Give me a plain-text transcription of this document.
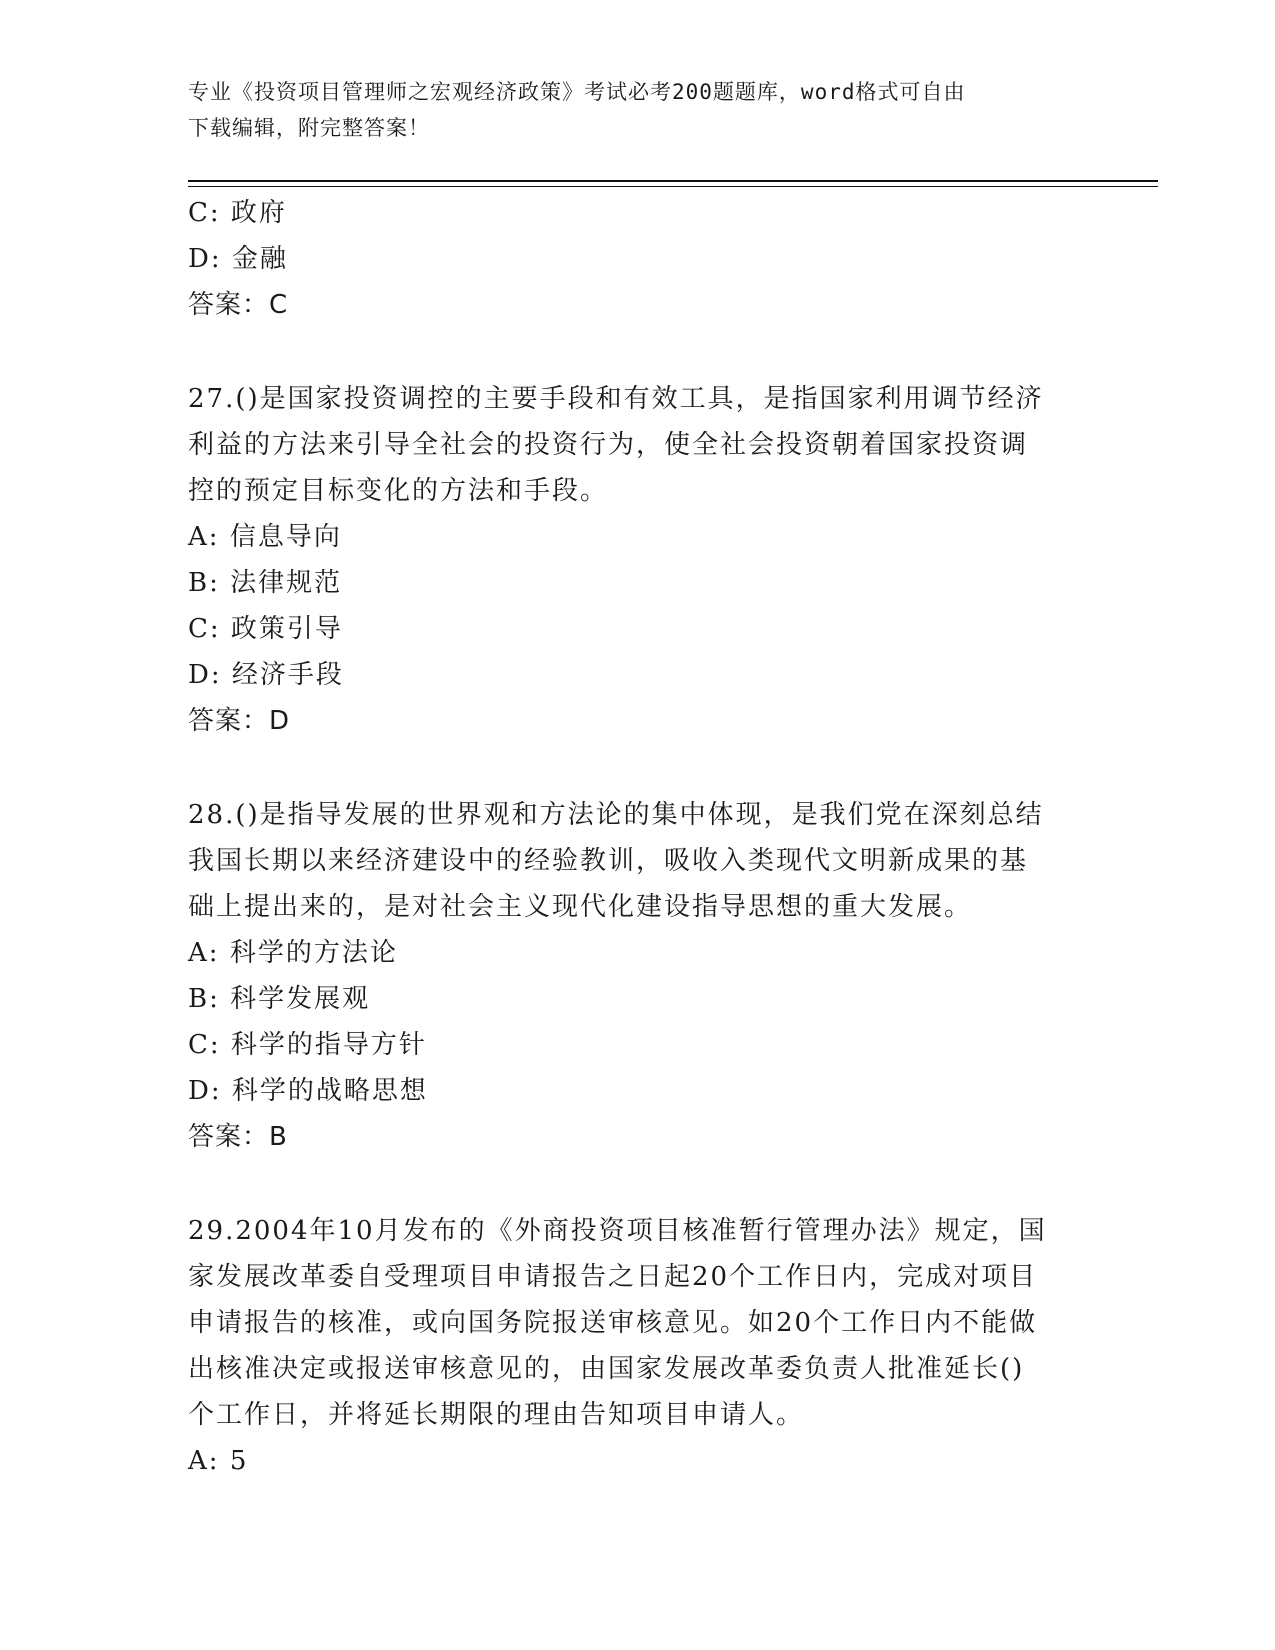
专业《投资项目管理师之宏观经济政策》考试必考200题题库，word格式可自由
下载编辑，附完整答案！
C: 政府
D: 金融
答案：C
27.()是国家投资调控的主要手段和有效工具，是指国家利用调节经济
利益的方法来引导全社会的投资行为，使全社会投资朝着国家投资调
控的预定目标变化的方法和手段。
A: 信息导向
B: 法律规范
C: 政策引导
D: 经济手段
答案：D
28.()是指导发展的世界观和方法论的集中体现，是我们党在深刻总结
我国长期以来经济建设中的经验教训，吸收入类现代文明新成果的基
础上提出来的，是对社会主义现代化建设指导思想的重大发展。
A: 科学的方法论
B: 科学发展观
C: 科学的指导方针
D: 科学的战略思想
答案：B
29.2004年10月发布的《外商投资项目核准暂行管理办法》规定，国
家发展改革委自受理项目申请报告之日起20个工作日内，完成对项目
申请报告的核准，或向国务院报送审核意见。如20个工作日内不能做
出核准决定或报送审核意见的，由国家发展改革委负责人批准延长()
个工作日，并将延长期限的理由告知项目申请人。
A: 5
